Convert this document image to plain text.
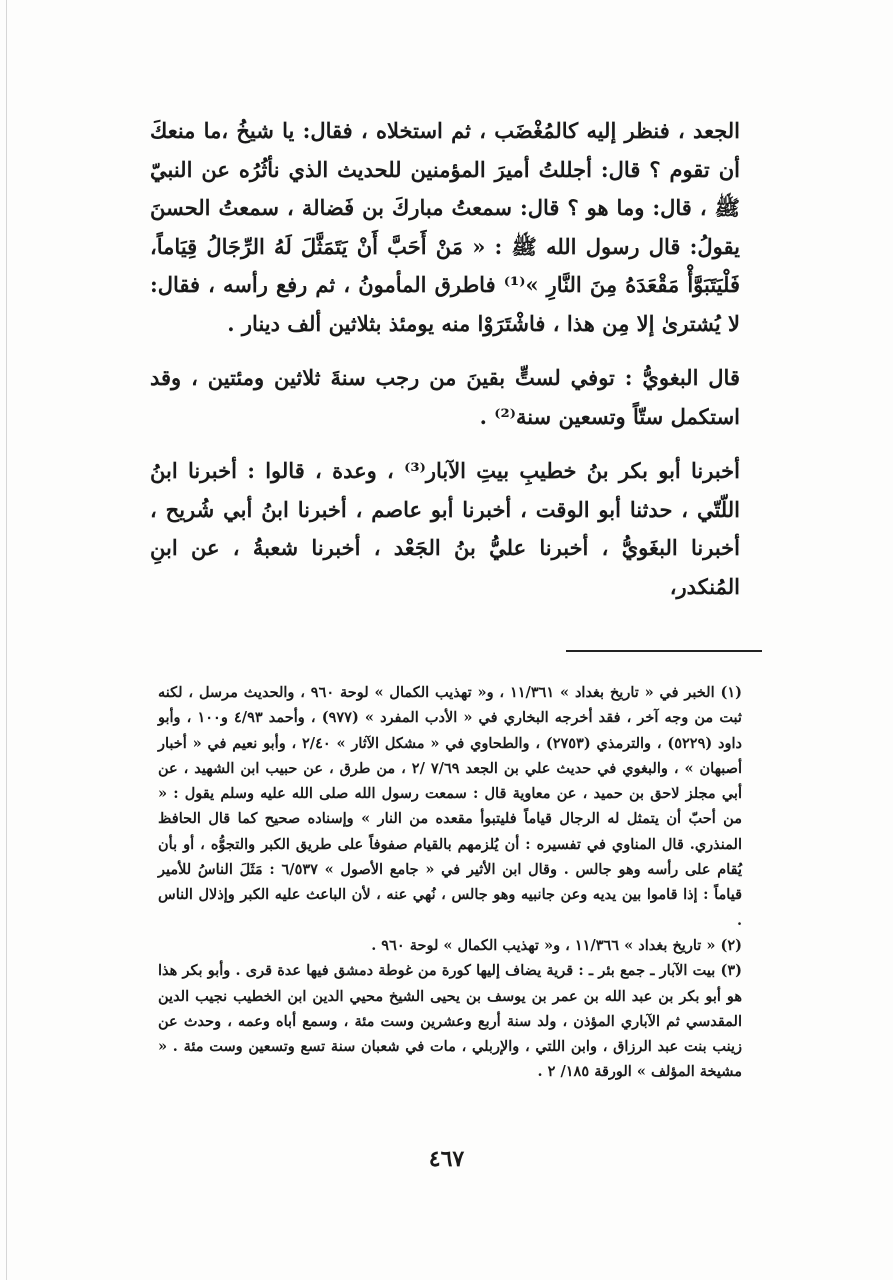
الجعد ، فنظر إليه كالمُغْضَب ، ثم استخلاه ، فقال: يا شيخُ ،ما منعكَ أن تقوم ؟ قال: أجللتُ أميرَ المؤمنين للحديث الذي نأثُرُه عن النبيّ ﷺ ، قال: وما هو ؟ قال: سمعتُ مباركَ بن فَضالة ، سمعتُ الحسنَ يقولُ: قال رسول الله ﷺ : « مَنْ أَحَبَّ أَنْ يَتَمَثَّلَ لَهُ الرِّجَالُ قِيَاماً، فَلْيَتَبَوَّأْ مَقْعَدَهُ مِنَ النَّارِ »⁽¹⁾ فاطرق المأمونُ ، ثم رفع رأسه ، فقال: لا يُشترىٰ إلا مِن هذا ، فاشْتَرَوْا منه يومئذ بثلاثين ألف دينار .

قال البغويُّ : توفي لستٍّ بقينَ من رجب سنةَ ثلاثين ومئتين ، وقد استكمل ستّاً وتسعين سنة⁽²⁾ .

أخبرنا أبو بكر بنُ خطيبِ بيتِ الآبار⁽³⁾ ، وعدة ، قالوا : أخبرنا ابنُ اللّتّي ، حدثنا أبو الوقت ، أخبرنا أبو عاصم ، أخبرنا ابنُ أبي شُريح ، أخبرنا البغَويُّ ، أخبرنا عليُّ بنُ الجَعْد ، أخبرنا شعبةُ ، عن ابنِ المُنكدر،

(١) الخبر في « تاريخ بغداد » ١١/٣٦١ ، و« تهذيب الكمال » لوحة ٩٦٠ ، والحديث مرسل ، لكنه ثبت من وجه آخر ، فقد أخرجه البخاري في « الأدب المفرد » (٩٧٧) ، وأحمد ٤/٩٣ و١٠٠ ، وأبو داود (٥٢٢٩) ، والترمذي (٢٧٥٣) ، والطحاوي في « مشكل الآثار » ٢/٤٠ ، وأبو نعيم في « أخبار أصبهان » ، والبغوي في حديث علي بن الجعد ٧/٦٩ /٢ ، من طرق ، عن حبيب ابن الشهيد ، عن أبي مجلز لاحق بن حميد ، عن معاوية قال : سمعت رسول الله صلى الله عليه وسلم يقول : « من أحبّ أن يتمثل له الرجال قياماً فليتبوأ مقعده من النار » وإسناده صحيح كما قال الحافظ المنذري. قال المناوي في تفسيره : أن يُلزمهم بالقيام صفوفاً على طريق الكبر والتجوُّه ، أو بأن يُقام على رأسه وهو جالس . وقال ابن الأثير في « جامع الأصول » ٦/٥٣٧ : مَثَلَ الناسُ للأمير قياماً : إذا قاموا بين يديه وعن جانبيه وهو جالس ، نُهي عنه ، لأن الباعث عليه الكبر وإذلال الناس .

(٢) « تاريخ بغداد » ١١/٣٦٦ ، و« تهذيب الكمال » لوحة ٩٦٠ .

(٣) بيت الآبار ـ جمع بئر ـ : قرية يضاف إليها كورة من غوطة دمشق فيها عدة قرى . وأبو بكر هذا هو أبو بكر بن عبد الله بن عمر بن يوسف بن يحيى الشيخ محيي الدين ابن الخطيب نجيب الدين المقدسي ثم الآباري المؤذن ، ولد سنة أربع وعشرين وست مئة ، وسمع أباه وعمه ، وحدث عن زينب بنت عبد الرزاق ، وابن اللتي ، والإربلي ، مات في شعبان سنة تسع وتسعين وست مئة . « مشيخة المؤلف » الورقة ١٨٥/ ٢ .

٤٦٧
